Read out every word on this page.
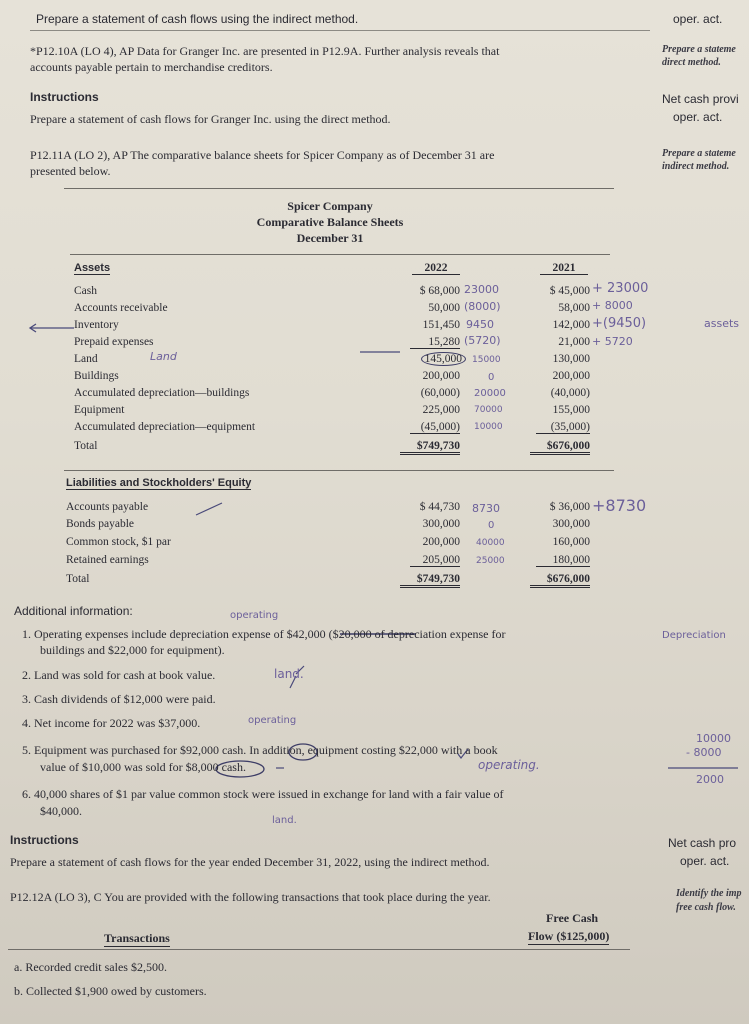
Prepare a statement of cash flows using the indirect method.	oper. act.
*P12.10A (LO 4), AP Data for Granger Inc. are presented in P12.9A. Further analysis reveals that
accounts payable pertain to merchandise creditors.
Prepare a stateme
direct method.
Instructions
Prepare a statement of cash flows for Granger Inc. using the direct method.
Net cash provi
oper. act.
P12.11A (LO 2), AP The comparative balance sheets for Spicer Company as of December 31 are
presented below.
Prepare a stateme
indirect method.
Spicer Company
Comparative Balance Sheets
December 31
Assets	2022	2021
Cash	$ 68,000	$ 45,000
Accounts receivable	50,000	58,000
Inventory	151,450	142,000
Prepaid expenses	15,280	21,000
Land	145,000	130,000
Buildings	200,000	200,000
Accumulated depreciation—buildings	(60,000)	(40,000)
Equipment	225,000	155,000
Accumulated depreciation—equipment	(45,000)	(35,000)
Total	$749,730	$676,000
Liabilities and Stockholders' Equity
Accounts payable	$ 44,730	$ 36,000
Bonds payable	300,000	300,000
Common stock, $1 par	200,000	160,000
Retained earnings	205,000	180,000
Total	$749,730	$676,000
23000	+ 23000
(8000)	+ 8000
9450	+(9450)
(5720)	+ 5720
15000
0
20000
70000
10000
Land
assets
8730	+8730
0
40000
25000
Additional information:	operating
1. Operating expenses include depreciation expense of $42,000 ($20,000 of depreciation expense for
buildings and $22,000 for equipment).
Depreciation
2. Land was sold for cash at book value.	land.
3. Cash dividends of $12,000 were paid.
4. Net income for 2022 was $37,000.	operating
5. Equipment was purchased for $92,000 cash. In addition, equipment costing $22,000 with a book
value of $10,000 was sold for $8,000 cash.	operating.
10000
- 8000
2000
6. 40,000 shares of $1 par value common stock were issued in exchange for land with a fair value of
$40,000.
land.
Instructions
Prepare a statement of cash flows for the year ended December 31, 2022, using the indirect method.
Net cash pro
oper. act.
P12.12A (LO 3), C You are provided with the following transactions that took place during the year.	Identify the imp
free cash flow.
Free Cash
Flow ($125,000)
Transactions
a. Recorded credit sales $2,500.
b. Collected $1,900 owed by customers.
